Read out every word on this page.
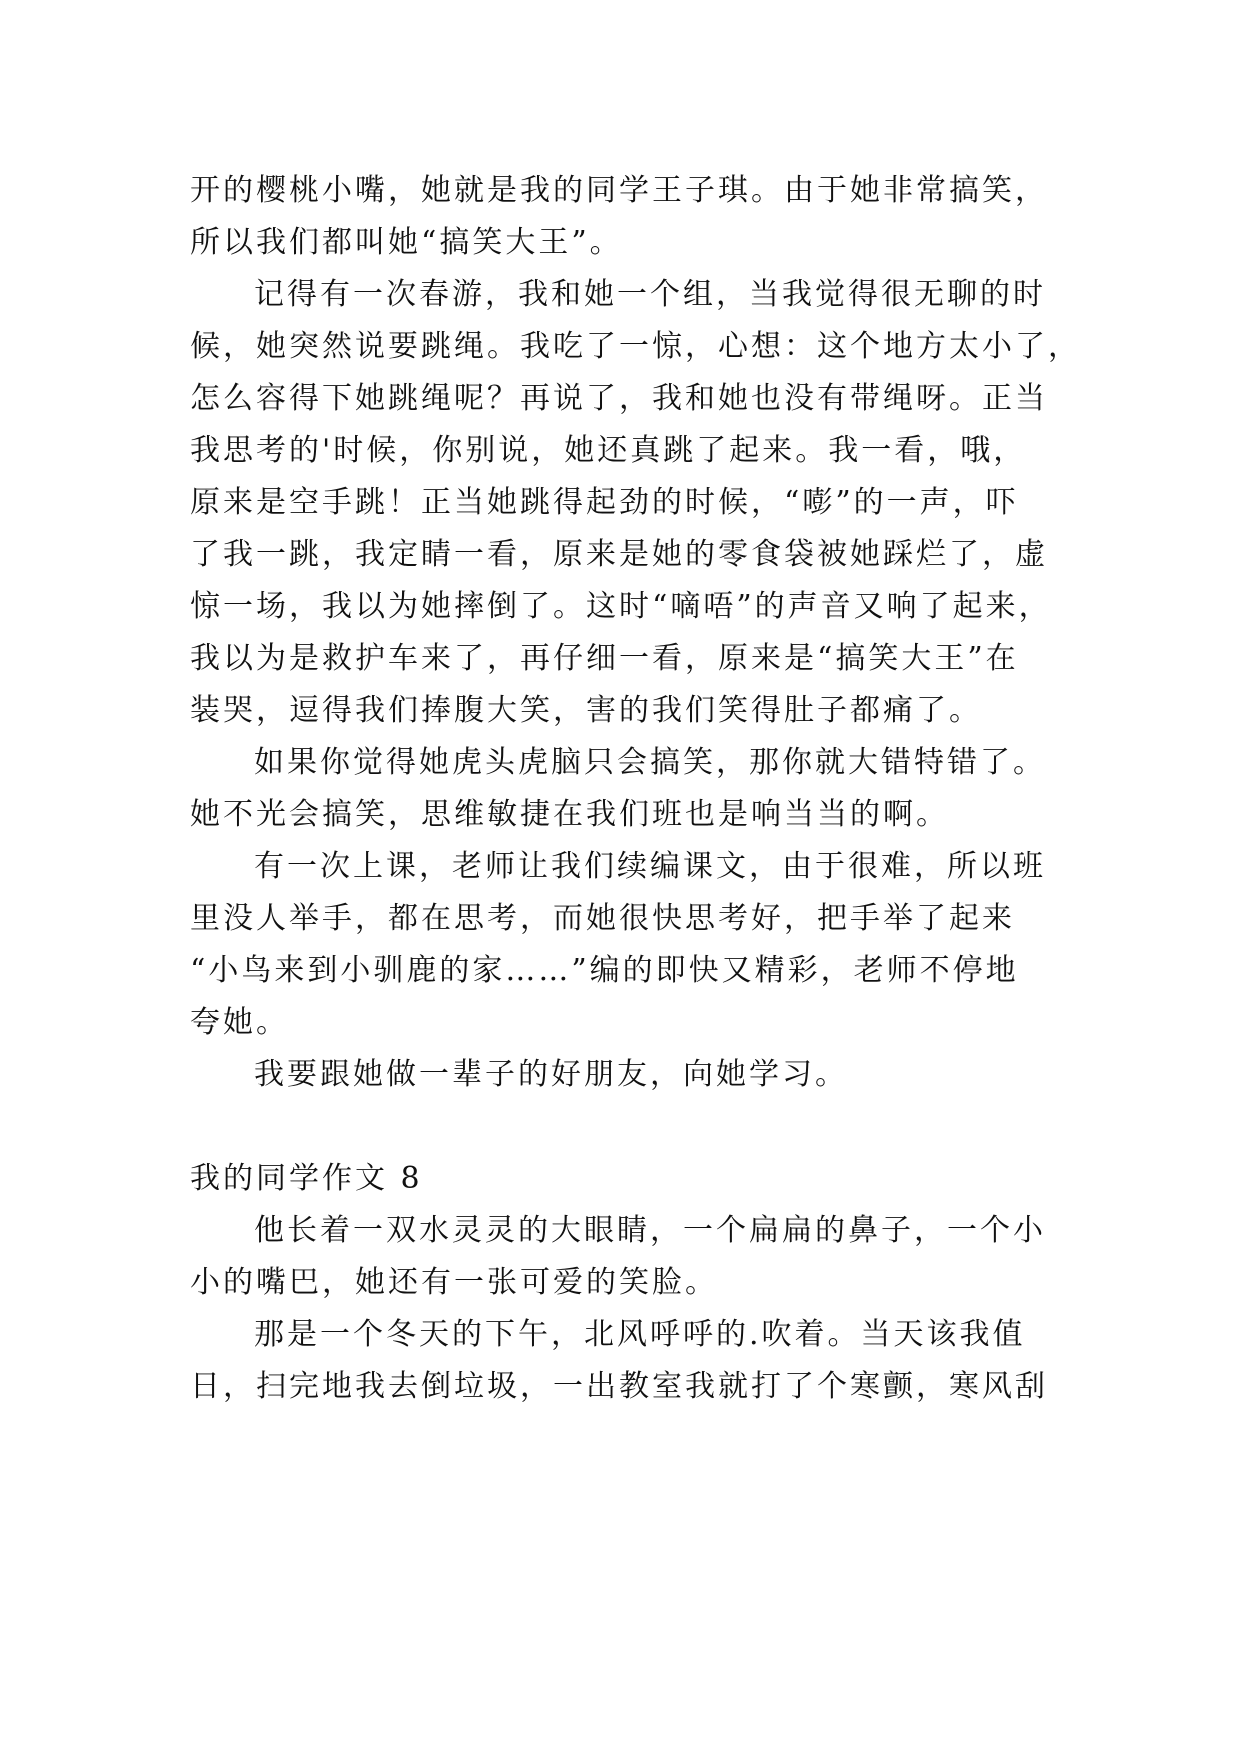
开的樱桃小嘴，她就是我的同学王子琪。由于她非常搞笑，
所以我们都叫她“搞笑大王”。
记得有一次春游，我和她一个组，当我觉得很无聊的时
候，她突然说要跳绳。我吃了一惊，心想：这个地方太小了，
怎么容得下她跳绳呢？再说了，我和她也没有带绳呀。正当
我思考的'时候，你别说，她还真跳了起来。我一看，哦，
原来是空手跳！正当她跳得起劲的时候，“嘭”的一声，吓
了我一跳，我定睛一看，原来是她的零食袋被她踩烂了，虚
惊一场，我以为她摔倒了。这时“嘀唔”的声音又响了起来，
我以为是救护车来了，再仔细一看，原来是“搞笑大王”在
装哭，逗得我们捧腹大笑，害的我们笑得肚子都痛了。
如果你觉得她虎头虎脑只会搞笑，那你就大错特错了。
她不光会搞笑，思维敏捷在我们班也是响当当的啊。
有一次上课，老师让我们续编课文，由于很难，所以班
里没人举手，都在思考，而她很快思考好，把手举了起来
“小鸟来到小驯鹿的家……”编的即快又精彩，老师不停地
夸她。
我要跟她做一辈子的好朋友，向她学习。
我的同学作文 8
他长着一双水灵灵的大眼睛，一个扁扁的鼻子，一个小
小的嘴巴，她还有一张可爱的笑脸。
那是一个冬天的下午，北风呼呼的.吹着。当天该我值
日，扫完地我去倒垃圾，一出教室我就打了个寒颤，寒风刮
